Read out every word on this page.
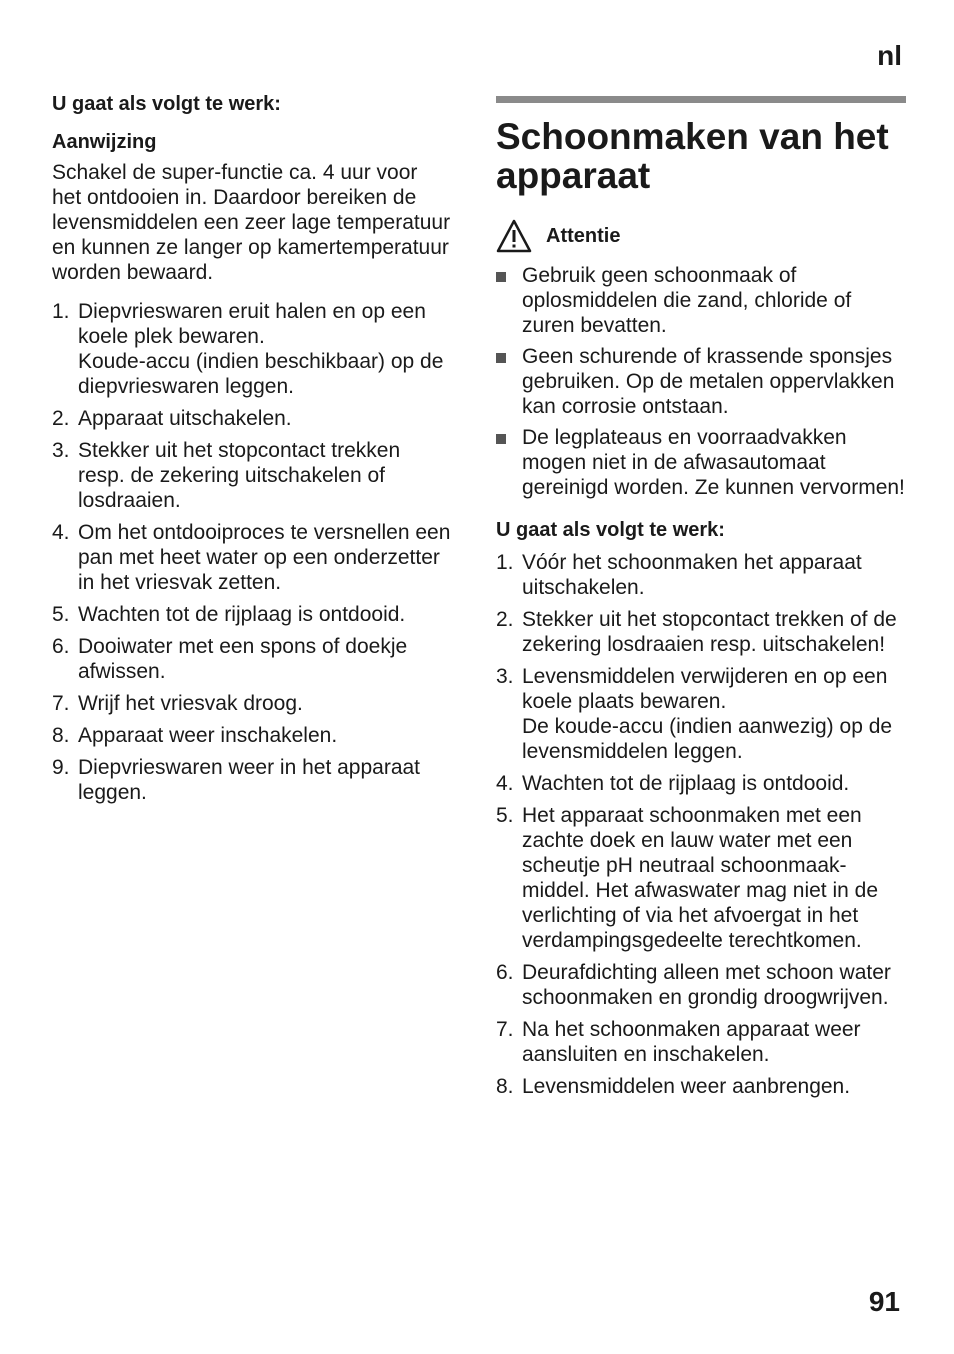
nl
U gaat als volgt te werk:
Aanwijzing

Schakel de super-functie ca. 4 uur voor het ontdooien in. Daardoor bereiken de levensmiddelen een zeer lage temperatuur en kunnen ze langer op kamertemperatuur worden bewaard.

1. Diepvrieswaren eruit halen en op een koele plek bewaren.
Koude-accu (indien beschikbaar) op de diepvrieswaren leggen.
2. Apparaat uitschakelen.
3. Stekker uit het stopcontact trekken resp. de zekering uitschakelen of losdraaien.
4. Om het ontdooiproces te versnellen een pan met heet water op een onderzetter in het vriesvak zetten.
5. Wachten tot de rijplaag is ontdooid.
6. Dooiwater met een spons of doekje afwissen.
7. Wrijf het vriesvak droog.
8. Apparaat weer inschakelen.
9. Diepvrieswaren weer in het apparaat leggen.
Schoonmaken van het apparaat
Attentie
Gebruik geen schoonmaak of oplosmiddelen die zand, chloride of zuren bevatten.
Geen schurende of krassende sponsjes gebruiken. Op de metalen oppervlakken kan corrosie ontstaan.
De legplateaus en voorraadvakken mogen niet in de afwasautomaat gereinigd worden. Ze kunnen vervormen!
U gaat als volgt te werk:
1. Vóór het schoonmaken het apparaat uitschakelen.
2. Stekker uit het stopcontact trekken of de zekering losdraaien resp. uitschakelen!
3. Levensmiddelen verwijderen en op een koele plaats bewaren.
De koude-accu (indien aanwezig) op de levensmiddelen leggen.
4. Wachten tot de rijplaag is ontdooid.
5. Het apparaat schoonmaken met een zachte doek en lauw water met een scheutje pH neutraal schoonmaakmiddel. Het afwaswater mag niet in de verlichting of via het afvoergat in het verdampingsgedeelte terechtkomen.
6. Deurafdichting alleen met schoon water schoonmaken en grondig droogwrijven.
7. Na het schoonmaken apparaat weer aansluiten en inschakelen.
8. Levensmiddelen weer aanbrengen.
91
